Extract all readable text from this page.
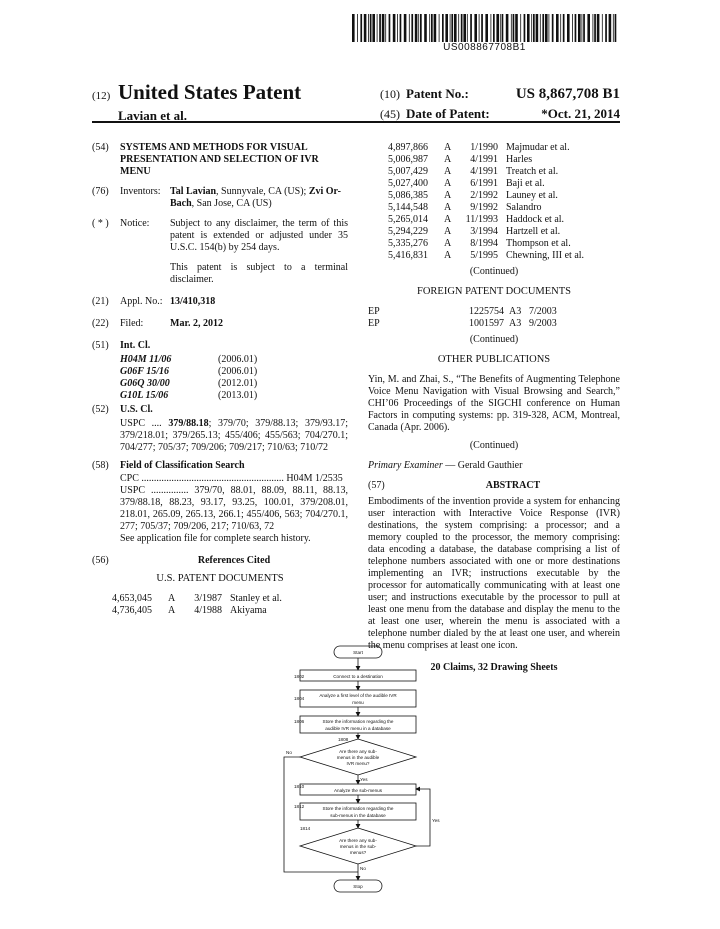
US008867708B1
(12) United States Patent
Lavian et al.
(10) Patent No.:	US 8,867,708 B1
(45) Date of Patent:	*Oct. 21, 2014
(54)	SYSTEMS AND METHODS FOR VISUAL PRESENTATION AND SELECTION OF IVR MENU
(76)	Inventors: Tal Lavian, Sunnyvale, CA (US); Zvi Or-Bach, San Jose, CA (US)
( * )	Notice:	Subject to any disclaimer, the term of this patent is extended or adjusted under 35 U.S.C. 154(b) by 254 days.
This patent is subject to a terminal disclaimer.
(21)	Appl. No.: 13/410,318
(22)	Filed:	Mar. 2, 2012
(51)	Int. Cl.
H04M 11/06	(2006.01)
G06F 15/16	(2006.01)
G06Q 30/00	(2012.01)
G10L 15/06	(2013.01)
(52)	U.S. Cl.
USPC .... 379/88.18; 379/70; 379/88.13; 379/93.17; 379/218.01; 379/265.13; 455/406; 455/563; 704/270.1; 704/277; 705/37; 709/206; 709/217; 710/63; 710/72
(58)	Field of Classification Search
CPC ......................................................... H04M 1/2535
USPC ............... 379/70, 88.01, 88.09, 88.11, 88.13, 379/88.18, 88.23, 93.17, 93.25, 100.01, 379/208.01, 218.01, 265.09, 265.13, 266.1; 455/406, 563; 704/270.1, 277; 705/37; 709/206, 217; 710/63, 72
See application file for complete search history.
(56)	References Cited
U.S. PATENT DOCUMENTS
4,653,045	A	3/1987 Stanley et al.
4,736,405	A	4/1988 Akiyama
4,897,866	A	1/1990 Majmudar et al.
5,006,987	A	4/1991 Harles
5,007,429	A	4/1991 Treatch et al.
5,027,400	A	6/1991 Baji et al.
5,086,385	A	2/1992 Launey et al.
5,144,548	A	9/1992 Salandro
5,265,014	A	11/1993 Haddock et al.
5,294,229	A	3/1994 Hartzell et al.
5,335,276	A	8/1994 Thompson et al.
5,416,831	A	5/1995 Chewning, III et al.
(Continued)
FOREIGN PATENT DOCUMENTS
EP	1225754 A3 7/2003
EP	1001597 A3 9/2003
(Continued)
OTHER PUBLICATIONS
Yin, M. and Zhai, S., “The Benefits of Augmenting Telephone Voice Menu Navigation with Visual Browsing and Search,” CHI’06 Proceedings of the SIGCHI conference on Human Factors in computing systems: pp. 319-328, ACM, Montreal, Canada (Apr. 2006).
(Continued)
Primary Examiner — Gerald Gauthier
(57)	ABSTRACT
Embodiments of the invention provide a system for enhancing user interaction with Interactive Voice Response (IVR) destinations, the system comprising: a processor; and a memory coupled to the processor, the memory comprising: data encoding a database, the database comprising a list of telephone numbers associated with one or more destinations implementing an IVR; instructions executable by the processor for automatically communicating with at least one user; and instructions executable by the processor to pull at least one menu from the database and display the menu to the at least one user, wherein the menu is associated with a telephone number dialed by the at least one user, and wherein the menu comprises at least one icon.
20 Claims, 32 Drawing Sheets
Start
Connect to a destination
Analyze a first level of the audible IVR
menu
Store the information regarding the
audible IVR menu in a database
Are there any sub-
menus in the audible
IVR menu?
Analyze the sub-menus
Store the information regarding the
sub-menus in the database
Are there any sub-
menus in the sub-
menus?
Stop
1802
1804
1806
1808
1810
1812
1814
No
Yes
Yes
No
